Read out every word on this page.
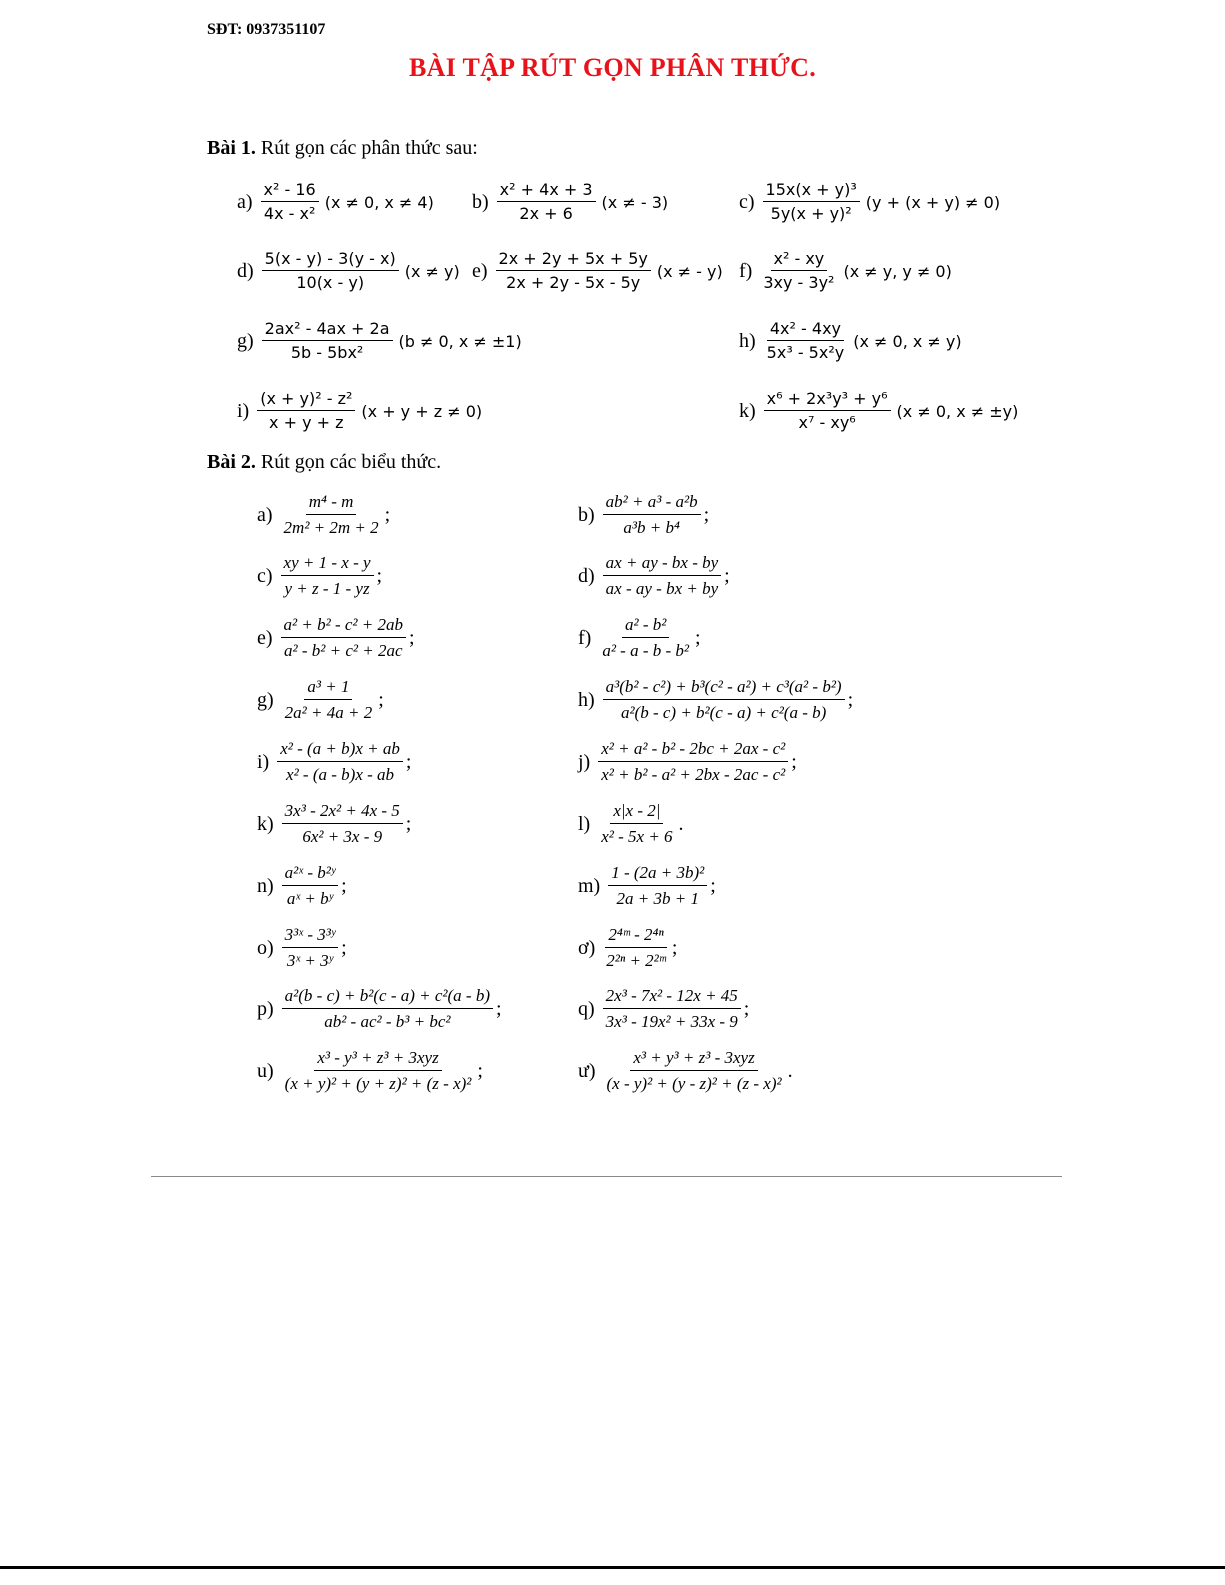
SĐT: 0937351107
BÀI TẬP RÚT GỌN PHÂN THỨC.
Bài 1. Rút gọn các phân thức sau:
$a) \frac{\text{x² - 16}}{\text{4x - x²}} (x \ne 0$, x ≠ 4) $b) \frac{\text{x² + 4x + 3}}{2x + 6} (x$ ≠ - 3)	$c) \frac{\text{15x(x + y)³}}{\text{5y(x + y)²}} (y + (x + y) \ne 0)$
$d) \frac{5(x - y) - 3(y - x)}{10(x - y)} (x \ne y)$ $e) \frac{2x + 2y + 5x + 5y}{2x + 2y - 5x - 5y} (x$ ≠ - y) $f) \frac{\text{x² - xy}}{\text{3xy - 3y²}} (x \ne y$, y ≠ 0)
$g) \frac{\text{2ax² - 4ax + 2a}}{\text{5b - 5bx²}} (b \ne 0$, x ≠ ±1)	$h) \frac{\text{4x² - 4xy}}{\text{5x³ - 5x²y}} (x \ne 0$, x ≠ y)
$i) \frac{\text{(x + y)² - z²}}{x + y + z} (x + y + z \ne 0)$	$k) \frac{\text{x⁶ + 2x³y³ + y⁶}}{\text{x⁷ - xy⁶}} (x \ne 0$, x ≠ ±y)
Bài 2. Rút gọn các biểu thức.
$a) \frac{\text{m⁴ - m}}{\text{2m² + 2m + 2}}$ ;	$b) \frac{\text{ab² + a³ - a²b}}{\text{a³b + b⁴}}$ ;
$c) \frac{xy + 1 - x - y}{y + z - 1 - yz}$ ;	$d) \frac{ax + ay - bx - by}{ax - ay - bx + by}$ ;
$e) \frac{\text{a² + b² - c² + 2ab}}{\text{a² - b² + c² + 2ac}}$ ;	$f) \frac{\text{a² - b²}}{\text{a² - a - b - b²}}$ ;
$g) \frac{\text{a³ + 1}}{\text{2a² + 4a + 2}}$ ;	$h) \frac{\text{a³(b² - c²) + b³(c² - a²) + c³(a² - b²)}}{\text{a²(b - c) + b²(c - a) + c²(a - b)}}$ ;
$i) \frac{\text{x² - (a + b)x + ab}}{\text{x² - (a - b)x - ab}}$ ;	$j) \frac{\text{x² + a² - b² - 2bc + 2ax - c²}}{\text{x² + b² - a² + 2bx - 2ac - c²}}$ ;
$k) \frac{\text{3x³ - 2x² + 4x - 5}}{\text{6x² + 3x - 9}}$ ;	$l) \frac{x|x - 2|}{\text{x² - 5x + 6}}$ .
$n) \frac{\text{a²ˣ - b²ʸ}}{\text{aˣ + bʸ}}$ ;	$m) \frac{\text{1 - (2a + 3b)²}}{2a + 3b + 1}$ ;
$o) \frac{\text{3³ˣ - 3³ʸ}}{\text{3ˣ + 3ʸ}}$ ;	ơ) $\frac{\text{2⁴ᵐ - 2⁴ⁿ}}{\text{2²ⁿ + 2²ᵐ}}$ ;
$p) \frac{\text{a²(b - c) + b²(c - a) + c²(a - b)}}{\text{ab² - ac² - b³ + bc²}}$ ;	$q) \frac{\text{2x³ - 7x² - 12x + 45}}{\text{3x³ - 19x² + 33x - 9}}$ ;
$u) \frac{\text{x³ - y³ + z³ + 3xyz}}{\text{(x + y)² + (y + z)² + (z - x)²}}$ ;	ư) $\frac{\text{x³ + y³ + z³ - 3xyz}}{\text{(x - y)² + (y - z)² + (z - x)²}}$ .
